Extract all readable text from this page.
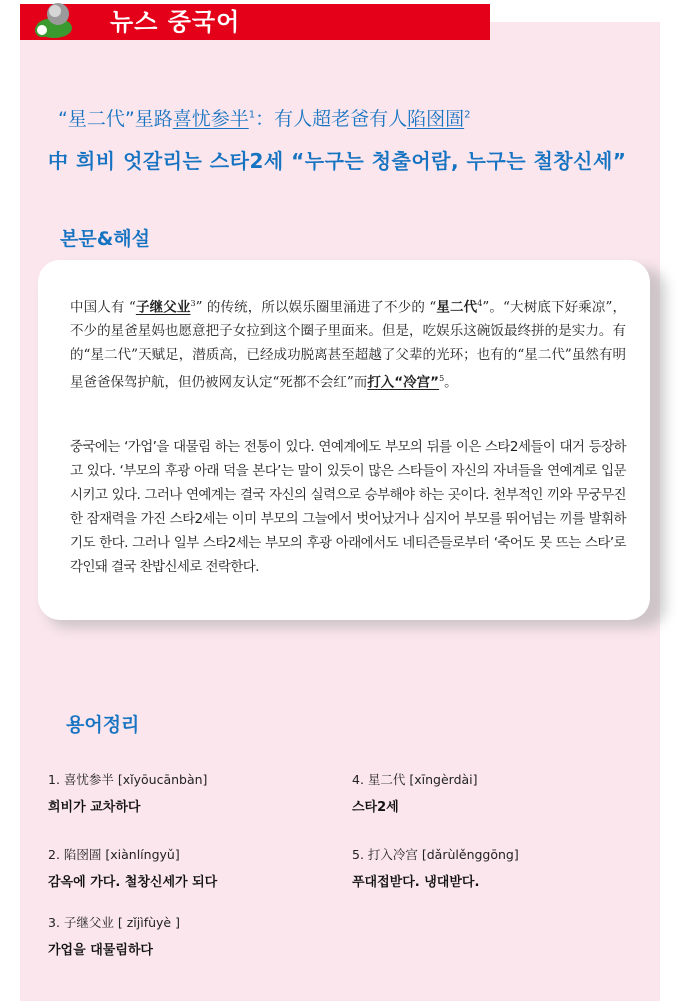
뉴스 중국어
“星二代”星路喜忧参半$^1$：有人超老爸有人陷囹圄$^2$
中 희비 엇갈리는 스타2세 “누구는 청출어람, 누구는 철창신세”
본문&해설
中国人有 “子继父业$^3$” 的传统，所以娱乐圈里涌进了不少的 “星二代$^4$”。“大树底下好乘凉”，不少的星爸星妈也愿意把子女拉到这个圈子里面来。但是，吃娱乐这碗饭最终拼的是实力。有的“星二代”天赋足，潜质高，已经成功脱离甚至超越了父辈的光环；也有的“星二代”虽然有明星爸爸保驾护航，但仍被网友认定“死都不会红”而打入“冷宫”$^5$。
중국에는 ‘가업’을 대물림 하는 전통이 있다. 연예계에도 부모의 뒤를 이은 스타2세들이 대거 등장하고 있다. ‘부모의 후광 아래 덕을 본다’는 말이 있듯이 많은 스타들이 자신의 자녀들을 연예계로 입문시키고 있다. 그러나 연예계는 결국 자신의 실력으로 승부해야 하는 곳이다. 천부적인 끼와 무궁무진한 잠재력을 가진 스타2세는 이미 부모의 그늘에서 벗어났거나 심지어 부모를 뛰어넘는 끼를 발휘하기도 한다. 그러나 일부 스타2세는 부모의 후광 아래에서도 네티즌들로부터 ‘죽어도 못 뜨는 스타’로 각인돼 결국 찬밥신세로 전락한다.
용어정리
1. 喜忧参半 [xǐyōucānbàn]
희비가 교차하다
2. 陷囹圄 [xiànlíngyǔ]
감옥에 가다. 철창신세가 되다
3. 子继父业 [ zǐjìfùyè ]
가업을 대물림하다
4. 星二代 [xīngèrdài]
스타2세
5. 打入冷宫 [dǎrùlěnggōng]
푸대접받다. 냉대받다.
